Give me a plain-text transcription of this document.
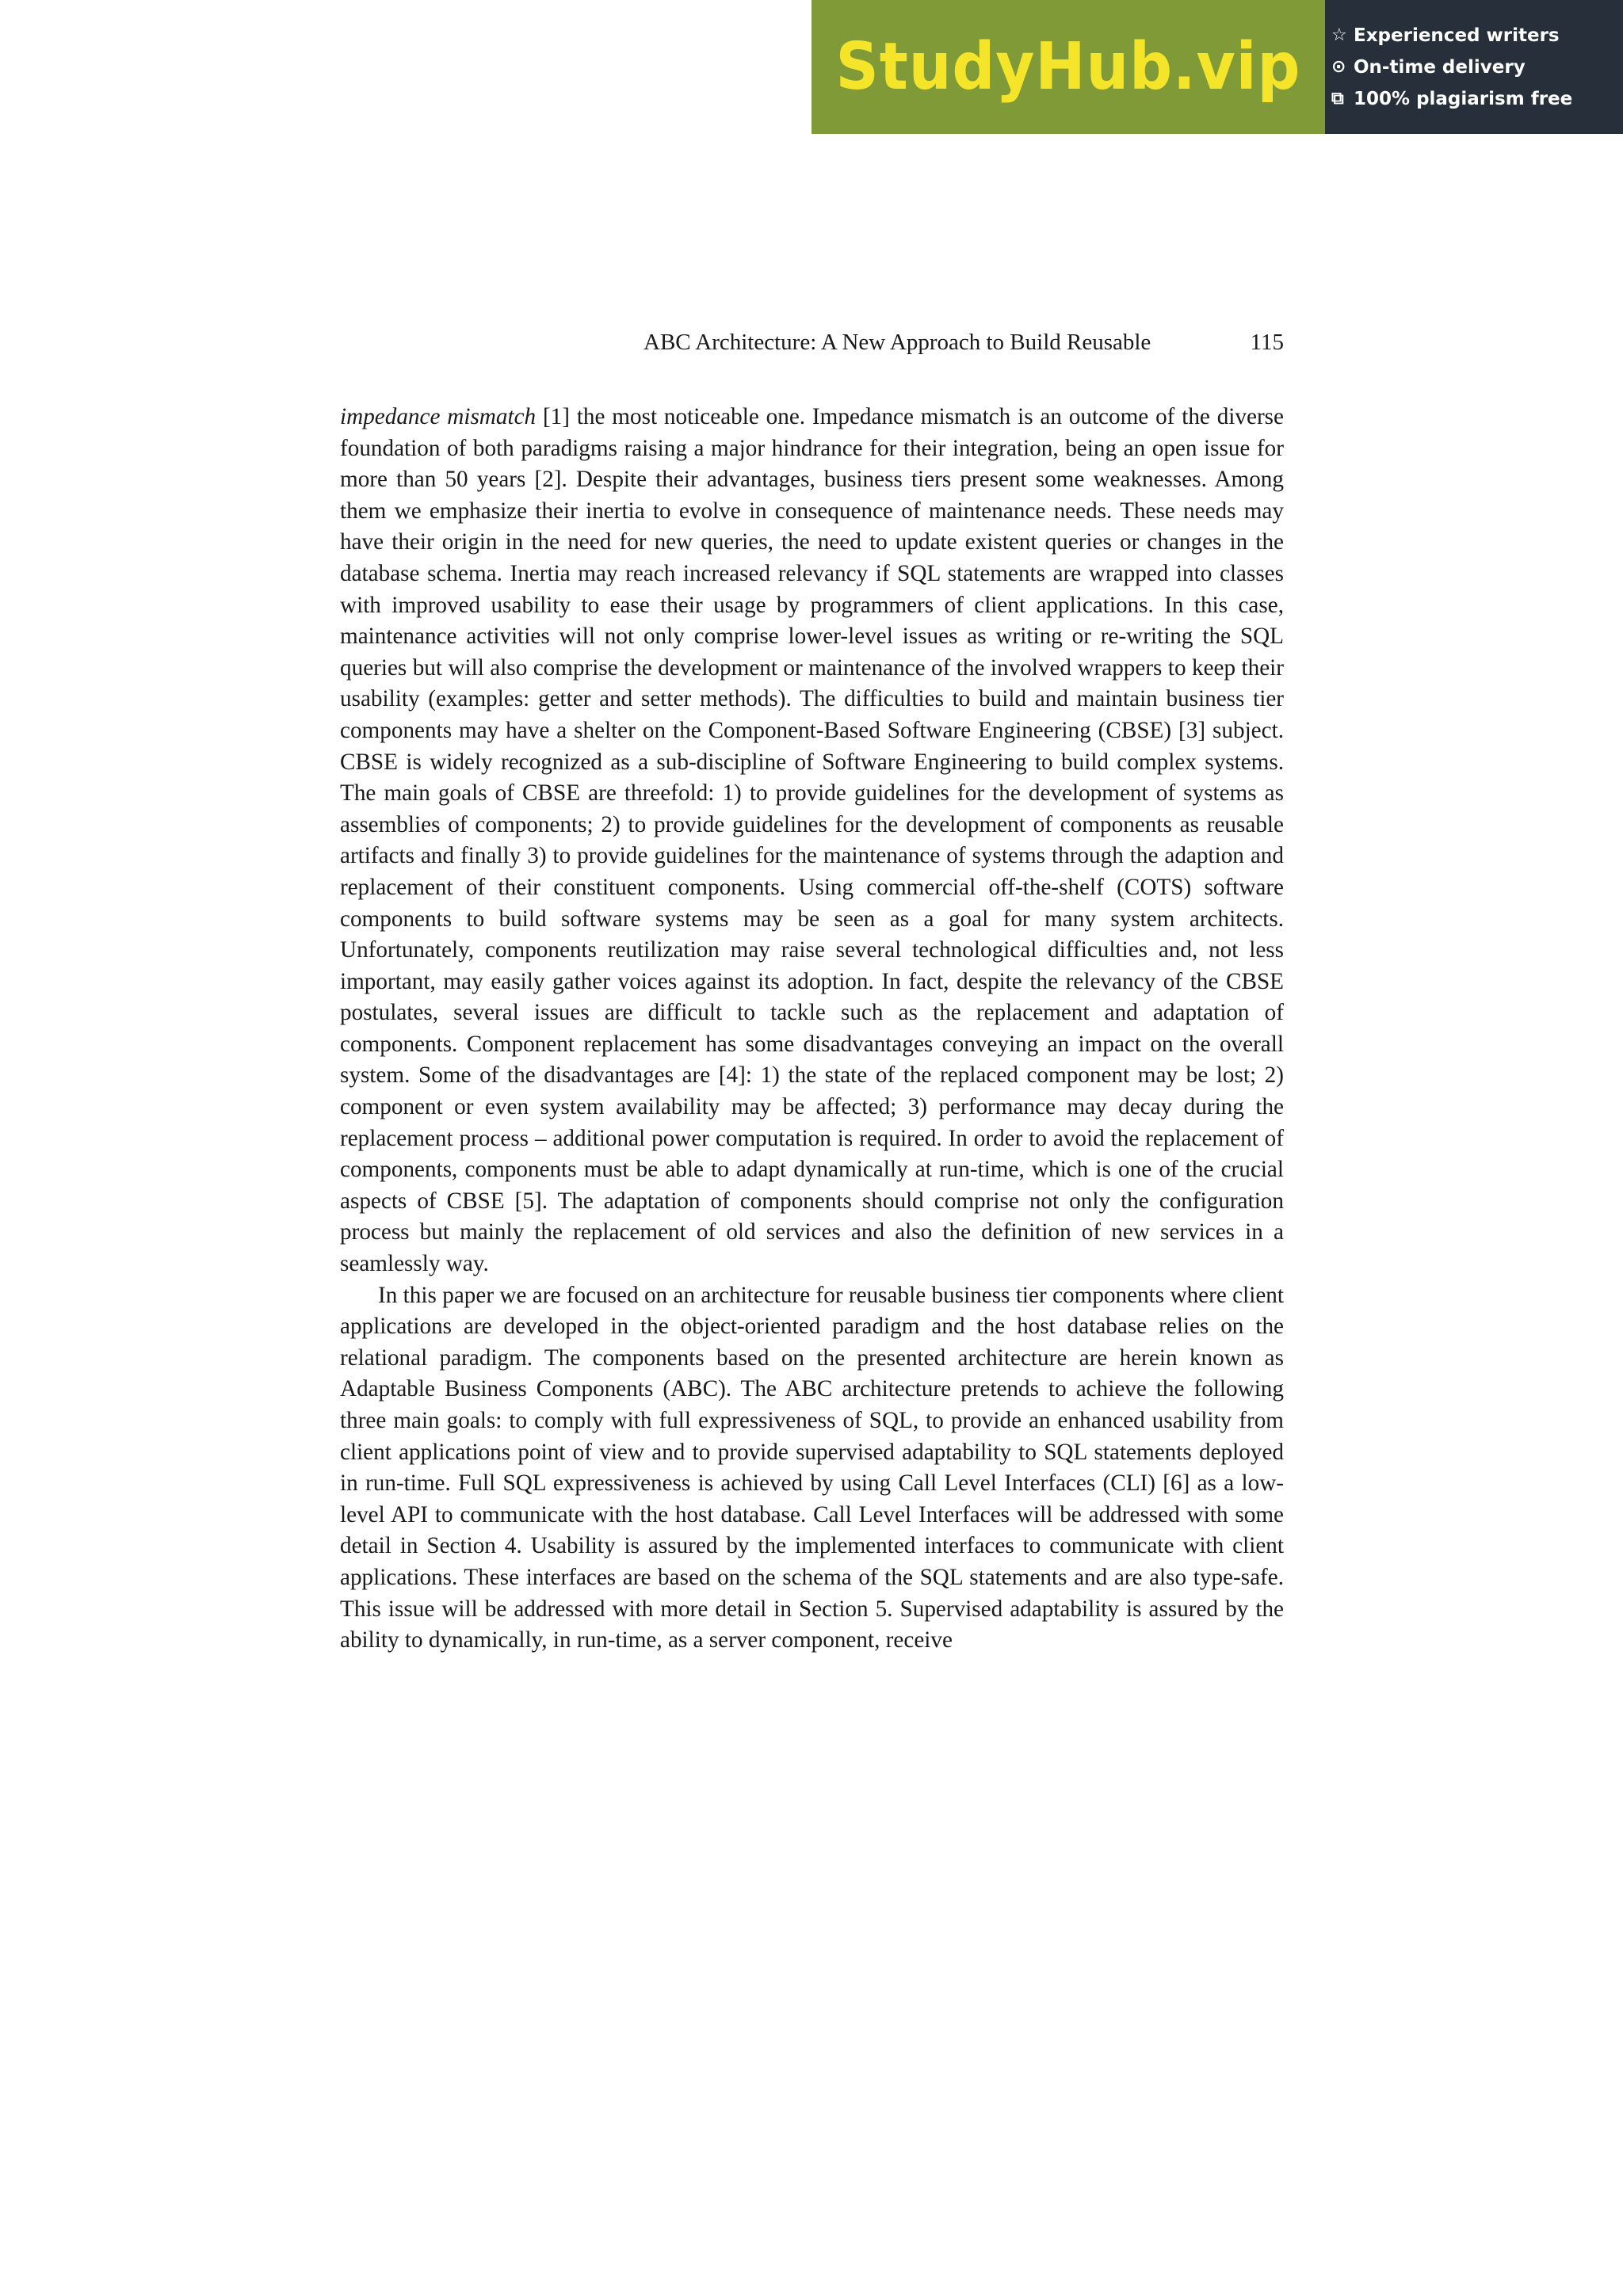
StudyHub.vip ☆ Experienced writers
⊙ On-time delivery
⧉ 100% plagiarism free
ABC Architecture: A New Approach to Build Reusable	115

impedance mismatch [1] the most noticeable one. Impedance mismatch is an outcome of the diverse foundation of both paradigms raising a major hindrance for their integration, being an open issue for more than 50 years [2]. Despite their advantages, business tiers present some weaknesses. Among them we emphasize their inertia to evolve in consequence of maintenance needs. These needs may have their origin in the need for new queries, the need to update existent queries or changes in the database schema. Inertia may reach increased relevancy if SQL statements are wrapped into classes with improved usability to ease their usage by programmers of client applications. In this case, maintenance activities will not only comprise lower-level issues as writing or re-writing the SQL queries but will also comprise the development or maintenance of the involved wrappers to keep their usability (examples: getter and setter methods). The difficulties to build and maintain business tier components may have a shelter on the Component-Based Software Engineering (CBSE) [3] subject. CBSE is widely recognized as a sub-discipline of Software Engineering to build complex systems. The main goals of CBSE are threefold: 1) to provide guidelines for the development of systems as assemblies of components; 2) to provide guidelines for the development of components as reusable artifacts and finally 3) to provide guidelines for the maintenance of systems through the adaption and replacement of their constituent components. Using commercial off-the-shelf (COTS) software components to build software systems may be seen as a goal for many system architects. Unfortunately, components reutilization may raise several technological difficulties and, not less important, may easily gather voices against its adoption. In fact, despite the relevancy of the CBSE postulates, several issues are difficult to tackle such as the replacement and adaptation of components. Component replacement has some disadvantages conveying an impact on the overall system. Some of the disadvantages are [4]: 1) the state of the replaced component may be lost; 2) component or even system availability may be affected; 3) performance may decay during the replacement process – additional power computation is required. In order to avoid the replacement of components, components must be able to adapt dynamically at run-time, which is one of the crucial aspects of CBSE [5]. The adaptation of components should comprise not only the configuration process but mainly the replacement of old services and also the definition of new services in a seamlessly way.

In this paper we are focused on an architecture for reusable business tier components where client applications are developed in the object-oriented paradigm and the host database relies on the relational paradigm. The components based on the presented architecture are herein known as Adaptable Business Components (ABC). The ABC architecture pretends to achieve the following three main goals: to comply with full expressiveness of SQL, to provide an enhanced usability from client applications point of view and to provide supervised adaptability to SQL statements deployed in run-time. Full SQL expressiveness is achieved by using Call Level Interfaces (CLI) [6] as a low-level API to communicate with the host database. Call Level Interfaces will be addressed with some detail in Section 4. Usability is assured by the implemented interfaces to communicate with client applications. These interfaces are based on the schema of the SQL statements and are also type-safe. This issue will be addressed with more detail in Section 5. Supervised adaptability is assured by the ability to dynamically, in run-time, as a server component, receive
